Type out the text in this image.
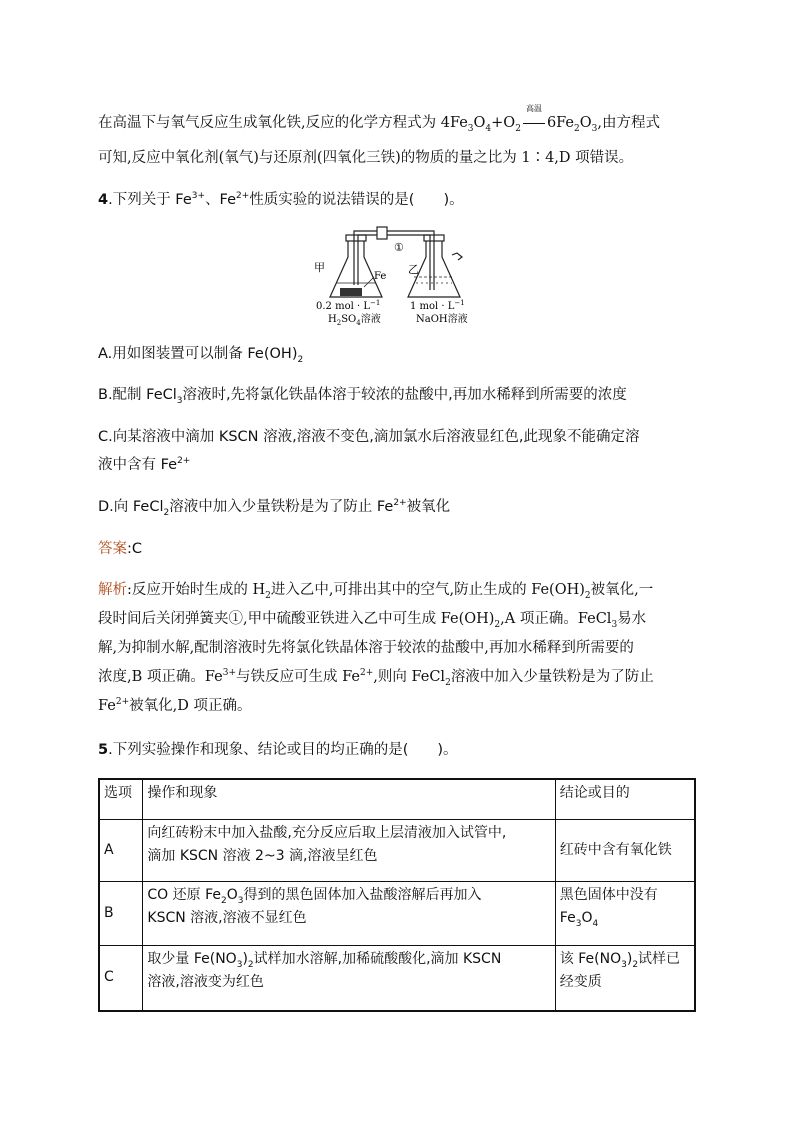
在高温下与氧气反应生成氧化铁,反应的化学方程式为 $4Fe_3O_4+O_2$
高温
$6Fe_2O_3$,由方程式
可知,反应中氧化剂(氧气)与还原剂(四氧化三铁)的物质的量之比为 1∶4,D 项错误。
4.下列关于 $Fe^{3+}$、$Fe^{2+}$性质实验的说法错误的是(　　)。
①
甲	乙
Fe
0.2 mol · $L^{-1}$
$H_2SO_4$溶液
1 mol · $L^{-1}$
NaOH溶液
A.用如图装置可以制备 $Fe(OH)_2$
B.配制 FeCl$_3$溶液时,先将氯化铁晶体溶于较浓的盐酸中,再加水稀释到所需要的浓度
C.向某溶液中滴加 KSCN 溶液,溶液不变色,滴加氯水后溶液显红色,此现象不能确定溶
液中含有 $Fe^{2+}$
D.向 FeCl$_2$溶液中加入少量铁粉是为了防止 $Fe^{2+}$被氧化
答案:C
解析:反应开始时生成的 $H_2$进入乙中,可排出其中的空气,防止生成的 $Fe(OH)_2$被氧化,一
段时间后关闭弹簧夹①,甲中硫酸亚铁进入乙中可生成 $Fe(OH)_2,A$ 项正确。FeCl$_3$易水
解,为抑制水解,配制溶液时先将氯化铁晶体溶于较浓的盐酸中,再加水稀释到所需要的
浓度,B 项正确。$Fe^{3+}$与铁反应可生成 $Fe^{2+}$,则向 FeCl$_2$溶液中加入少量铁粉是为了防止
$Fe^{2+}$被氧化,D 项正确。
5.下列实验操作和现象、结论或目的均正确的是(　　)。
选项	操作和现象	结论或目的
A	向红砖粉末中加入盐酸,充分反应后取上层清液加入试管中,
滴加 KSCN 溶液 2~3 滴,溶液呈红色	红砖中含有氧化铁
B	CO 还原 $Fe_2O_3$得到的黑色固体加入盐酸溶解后再加入
KSCN 溶液,溶液不显红色	黑色固体中没有
$Fe_3O_4$
C	取少量 $Fe(NO_3)_2$试样加水溶解,加稀硫酸酸化,滴加 KSCN
溶液,溶液变为红色	该 $Fe(NO_3)_2$试样已
经变质
